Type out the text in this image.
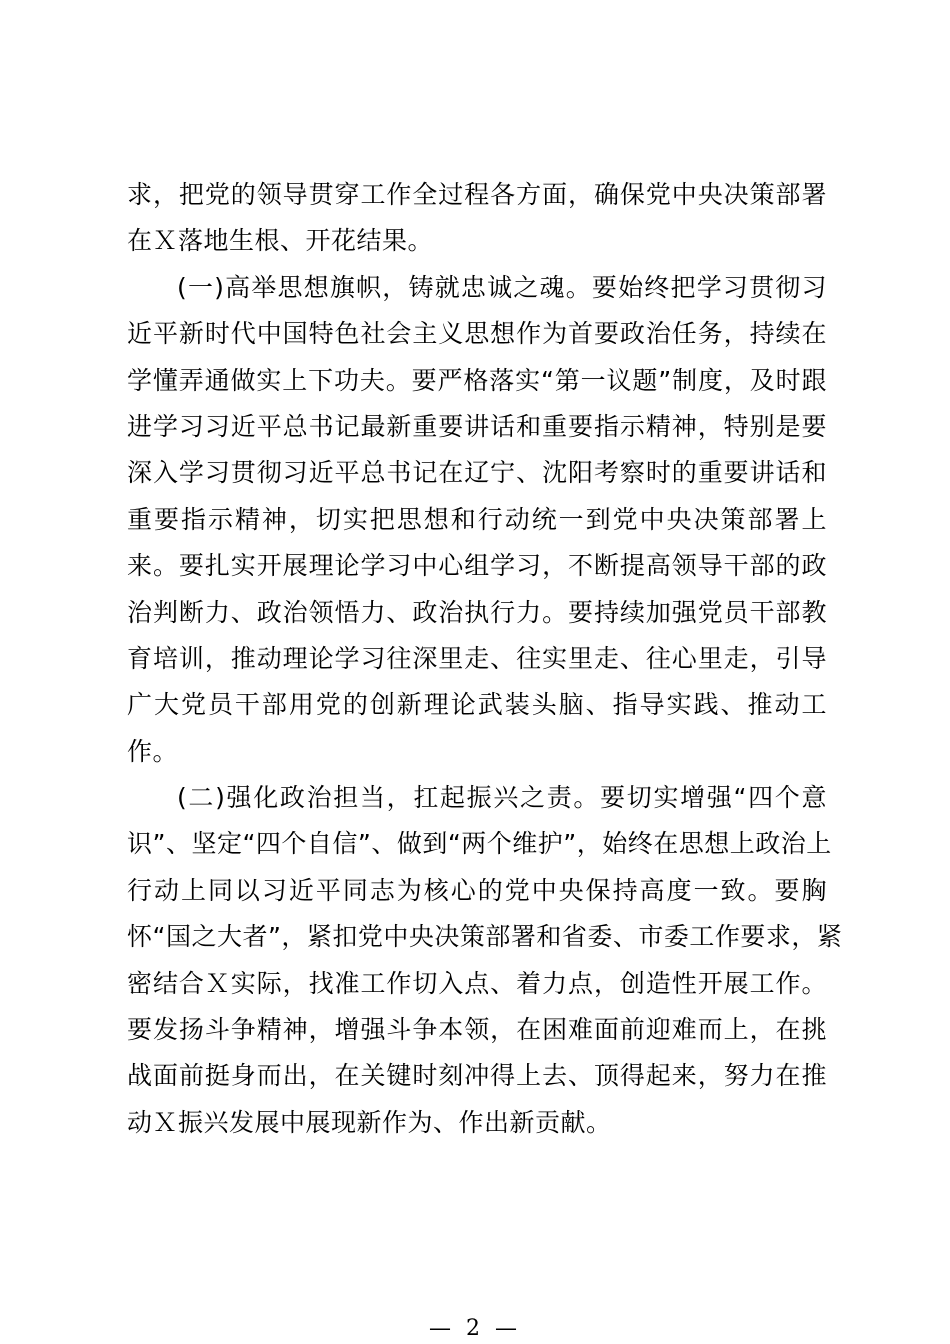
求，把党的领导贯穿工作全过程各方面，确保党中央决策部署
在Ｘ落地生根、开花结果。
(一)高举思想旗帜，铸就忠诚之魂。要始终把学习贯彻习
近平新时代中国特色社会主义思想作为首要政治任务，持续在
学懂弄通做实上下功夫。要严格落实“第一议题”制度，及时跟
进学习习近平总书记最新重要讲话和重要指示精神，特别是要
深入学习贯彻习近平总书记在辽宁、沈阳考察时的重要讲话和
重要指示精神，切实把思想和行动统一到党中央决策部署上
来。要扎实开展理论学习中心组学习，不断提高领导干部的政
治判断力、政治领悟力、政治执行力。要持续加强党员干部教
育培训，推动理论学习往深里走、往实里走、往心里走，引导
广大党员干部用党的创新理论武装头脑、指导实践、推动工
作。
(二)强化政治担当，扛起振兴之责。要切实增强“四个意
识”、坚定“四个自信”、做到“两个维护”，始终在思想上政治上
行动上同以习近平同志为核心的党中央保持高度一致。要胸
怀“国之大者”，紧扣党中央决策部署和省委、市委工作要求，紧
密结合Ｘ实际，找准工作切入点、着力点，创造性开展工作。
要发扬斗争精神，增强斗争本领，在困难面前迎难而上，在挑
战面前挺身而出，在关键时刻冲得上去、顶得起来，努力在推
动Ｘ振兴发展中展现新作为、作出新贡献。
— 2 —
